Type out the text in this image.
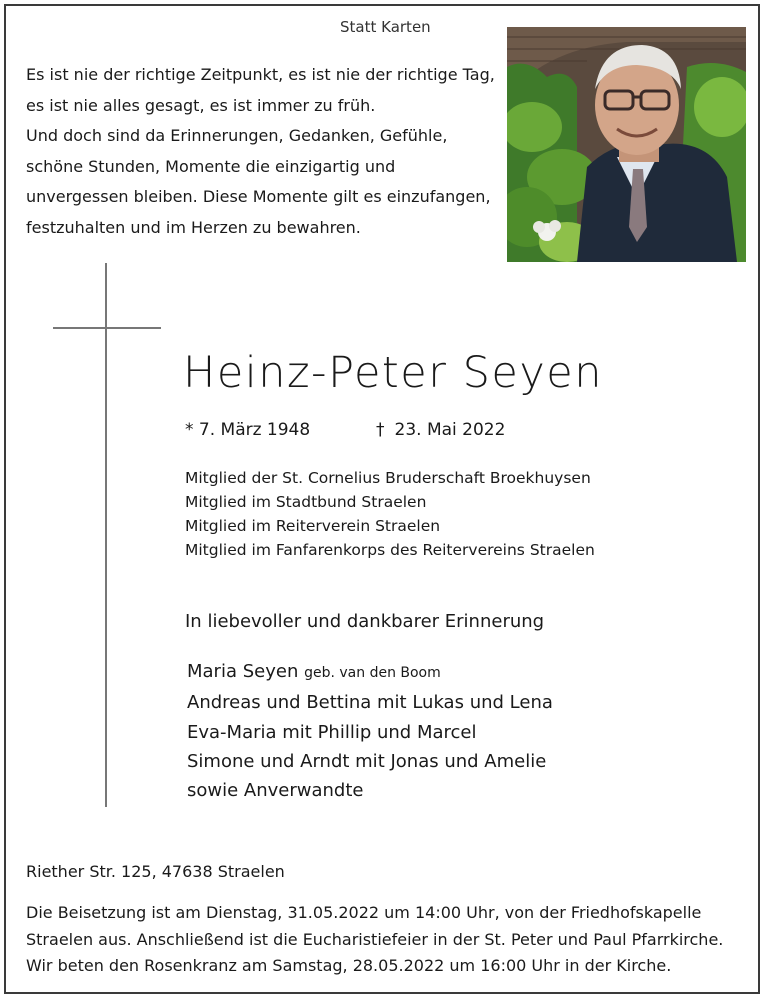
Statt Karten
Es ist nie der richtige Zeitpunkt, es ist nie der richtige Tag,
es ist nie alles gesagt, es ist immer zu früh.
Und doch sind da Erinnerungen, Gedanken, Gefühle,
schöne Stunden, Momente die einzigartig und
unvergessen bleiben. Diese Momente gilt es einzufangen,
festzuhalten und im Herzen zu bewahren.
Heinz-Peter Seyen
* 7. März 1948	† 23. Mai 2022
Mitglied der St. Cornelius Bruderschaft Broekhuysen
Mitglied im Stadtbund Straelen
Mitglied im Reiterverein Straelen
Mitglied im Fanfarenkorps des Reitervereins Straelen
In liebevoller und dankbarer Erinnerung
Maria Seyen geb. van den Boom
Andreas und Bettina mit Lukas und Lena
Eva-Maria mit Phillip und Marcel
Simone und Arndt mit Jonas und Amelie
sowie Anverwandte
Riether Str. 125, 47638 Straelen
Die Beisetzung ist am Dienstag, 31.05.2022 um 14:00 Uhr, von der Friedhofskapelle
Straelen aus. Anschließend ist die Eucharistiefeier in der St. Peter und Paul Pfarrkirche.
Wir beten den Rosenkranz am Samstag, 28.05.2022 um 16:00 Uhr in der Kirche.
